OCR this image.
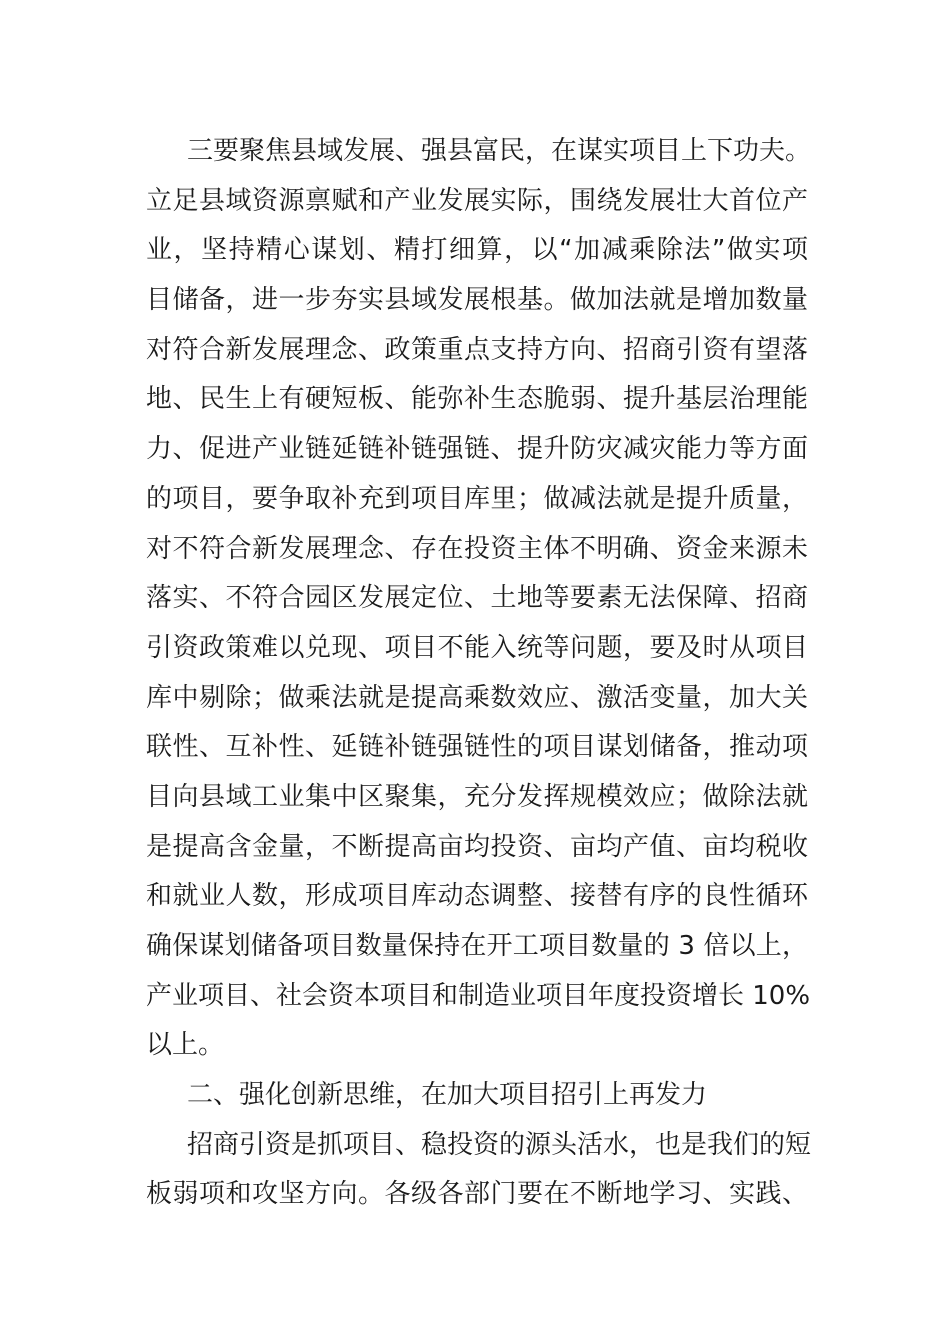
三要聚焦县域发展、强县富民，在谋实项目上下功夫。
立足县域资源禀赋和产业发展实际，围绕发展壮大首位产
业，坚持精心谋划、精打细算，以“加减乘除法”做实项
目储备，进一步夯实县域发展根基。做加法就是增加数量
对符合新发展理念、政策重点支持方向、招商引资有望落
地、民生上有硬短板、能弥补生态脆弱、提升基层治理能
力、促进产业链延链补链强链、提升防灾减灾能力等方面
的项目，要争取补充到项目库里；做减法就是提升质量，
对不符合新发展理念、存在投资主体不明确、资金来源未
落实、不符合园区发展定位、土地等要素无法保障、招商
引资政策难以兑现、项目不能入统等问题，要及时从项目
库中剔除；做乘法就是提高乘数效应、激活变量，加大关
联性、互补性、延链补链强链性的项目谋划储备，推动项
目向县域工业集中区聚集，充分发挥规模效应；做除法就
是提高含金量，不断提高亩均投资、亩均产值、亩均税收
和就业人数，形成项目库动态调整、接替有序的良性循环
确保谋划储备项目数量保持在开工项目数量的 3 倍以上，
产业项目、社会资本项目和制造业项目年度投资增长 10%
以上。
二、强化创新思维，在加大项目招引上再发力
招商引资是抓项目、稳投资的源头活水，也是我们的短
板弱项和攻坚方向。各级各部门要在不断地学习、实践、
